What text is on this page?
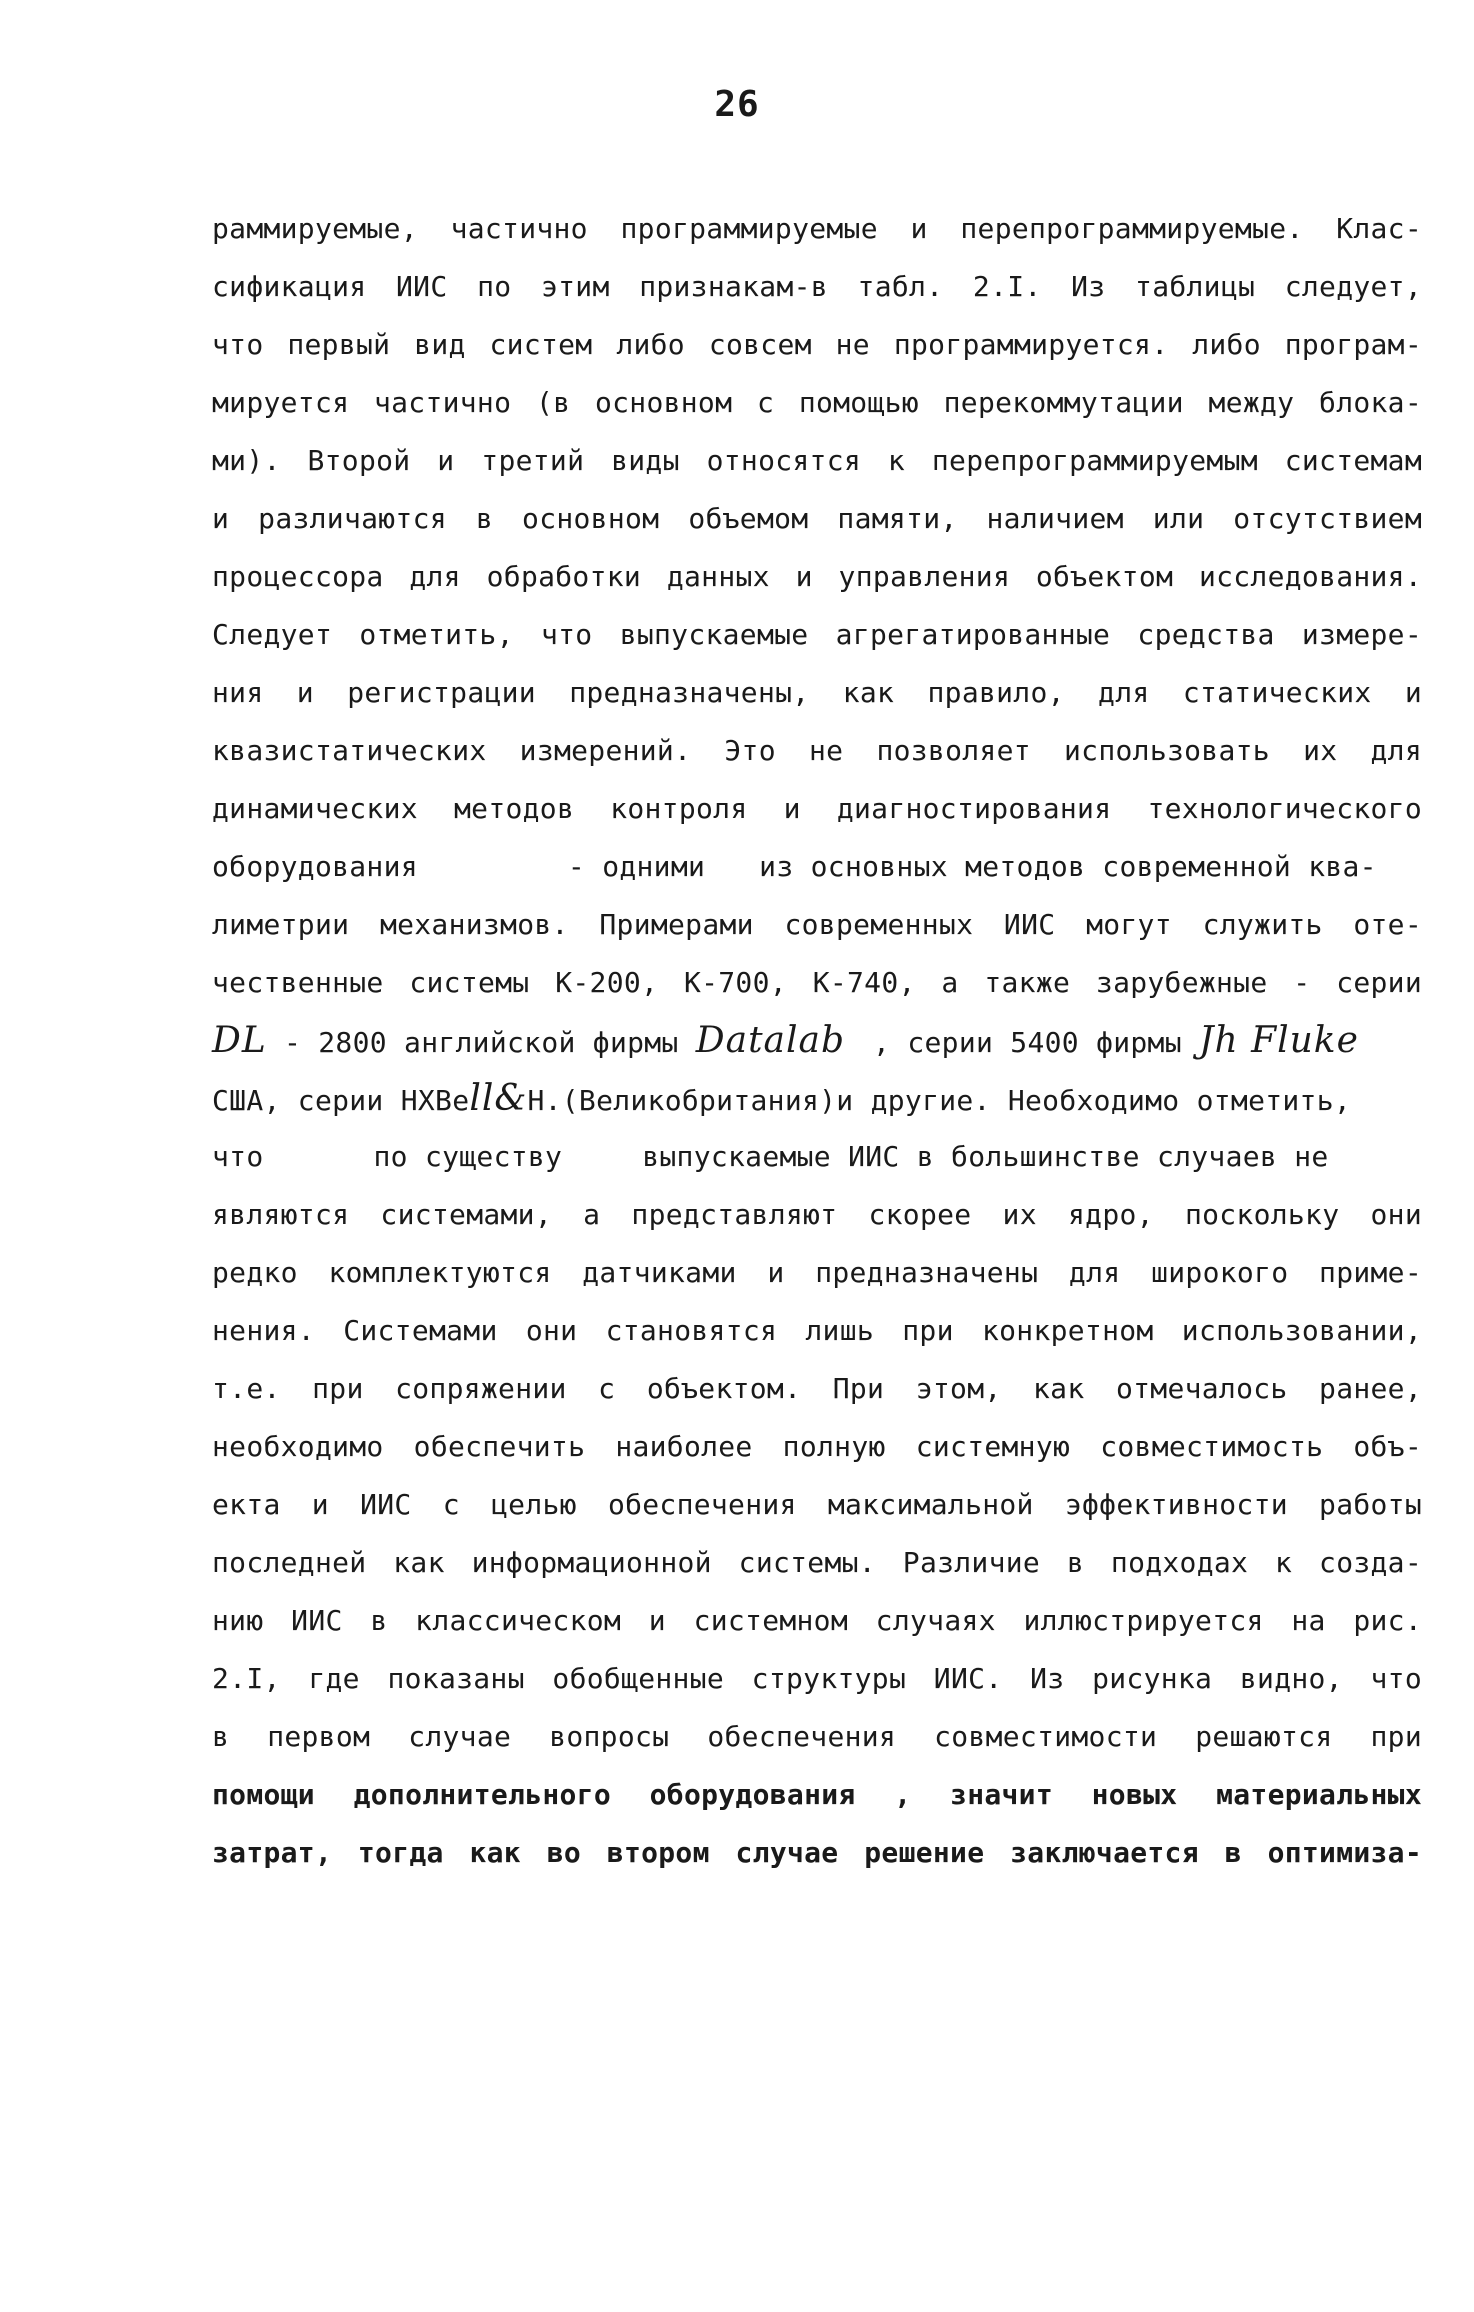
26
раммируемые, частично программируемые и перепрограммируемые. Клас-
сификация ИИС по этим признакам-в табл. 2.I. Из таблицы следует,
что первый вид систем либо совсем не программируется. либо програм-
мируется частично (в основном с помощью перекоммутации между блока-
ми). Второй и третий виды относятся к перепрограммируемым системам
и различаются в основном объемом памяти, наличием или отсутствием
процессора для обработки данных и управления объектом исследования.
Следует отметить, что выпускаемые агрегатированные средства измере-
ния и регистрации предназначены, как правило, для статических и
квазистатических измерений. Это не позволяет использовать их для
динамических методов контроля и диагностирования технологического
оборудования	- одними из основных методов современной ква-
лиметрии механизмов. Примерами современных ИИС могут служить оте-
чественные системы К-200, К-700, К-740, а также зарубежные - серии
DL - 2800 английской фирмы Datalab , серии 5400 фирмы Jh Fluke
США, серии НХВеll&Н.(Великобритания)и другие. Необходимо отметить,
что	по существу	выпускаемые ИИС в большинстве случаев не
являются системами, а представляют скорее их ядро, поскольку они
редко комплектуются датчиками и предназначены для широкого приме-
нения. Системами они становятся лишь при конкретном использовании,
т.е. при сопряжении с объектом. При этом, как отмечалось ранее,
необходимо обеспечить наиболее полную системную совместимость объ-
екта и ИИС с целью обеспечения максимальной эффективности работы
последней как информационной системы. Различие в подходах к созда-
нию ИИС в классическом и системном случаях иллюстрируется на рис.
2.I, где показаны обобщенные структуры ИИС. Из рисунка видно, что
в первом случае вопросы обеспечения совместимости решаются при
помощи дополнительного оборудования , значит новых материальных
затрат, тогда как во втором случае решение заключается в оптимиза-
